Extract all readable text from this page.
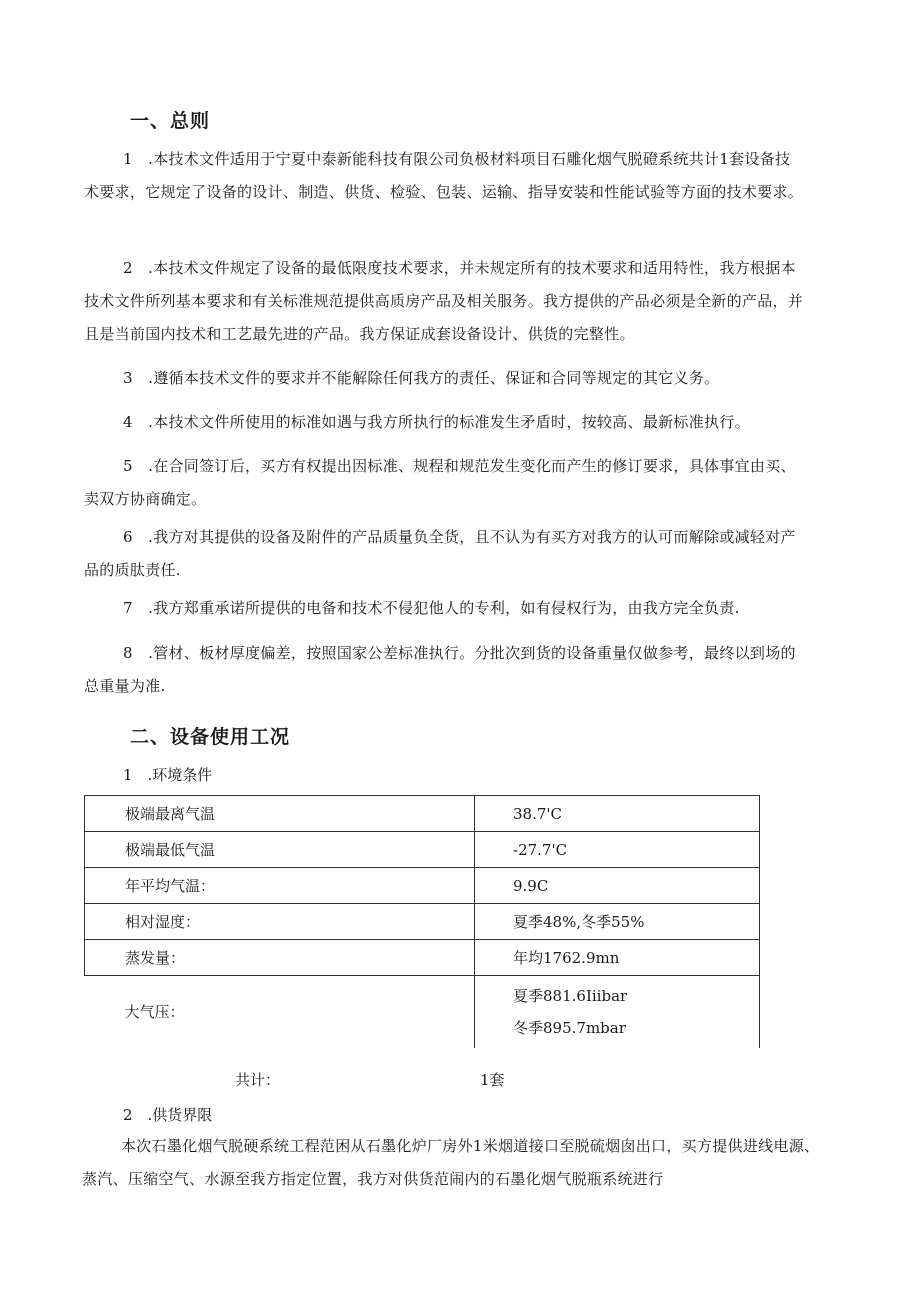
一、总则

1　.本技术文件适用于宁夏中泰新能科技有限公司负极材料项目石雕化烟气脱磴系统共计1套设备技术要求，它规定了设备的设计、制造、供货、检验、包装、运输、指导安装和性能试验等方面的技术要求。

2　.本技术文件规定了设备的最低限度技术要求，并未规定所有的技术要求和适用特性，我方根据本技术文件所列基本要求和有关标准规范提供高质房产品及相关服务。我方提供的产品必须是全新的产品，并且是当前国内技术和工艺最先进的产品。我方保证成套设备设计、供货的完整性。

3　.遵循本技术文件的要求并不能解除任何我方的责任、保证和合同等规定的其它义务。

4　.本技术文件所使用的标准如遇与我方所执行的标准发生矛盾时，按较高、最新标准执行。

5　.在合同签订后，买方有权提出因标准、规程和规范发生变化而产生的修订要求，具体事宜由买、卖双方协商确定。

6　.我方对其提供的设备及附件的产品质量负全货，且不认为有买方对我方的认可而解除或减轻对产品的质肽责任.

7　.我方郑重承诺所提供的电备和技术不侵犯他人的专利，如有侵权行为，由我方完全负责.

8　.管材、板材厚度偏差，按照国家公差标准执行。分批次到货的设备重量仅做参考，最终以到场的总重量为准.

二、设备使用工况

1　.环境条件

极端最离气温	38.7'C
极端最低气温	-27.7'C
年平均气温：	9.9C
相对湿度：	夏季48%,冬季55%
蒸发量：	年均1762.9mn
大气压：	夏季881.6Iiibar
冬季895.7mbar

共计：	1套

2　.供货界限

本次石墨化烟气脱硬系统工程范困从石墨化炉厂房外1米烟道接口至脱硫烟囱出口，买方提供进线电源、蒸汽、压缩空气、水源至我方指定位置，我方对供货范闹内的石墨化烟气脱瓶系统进行
